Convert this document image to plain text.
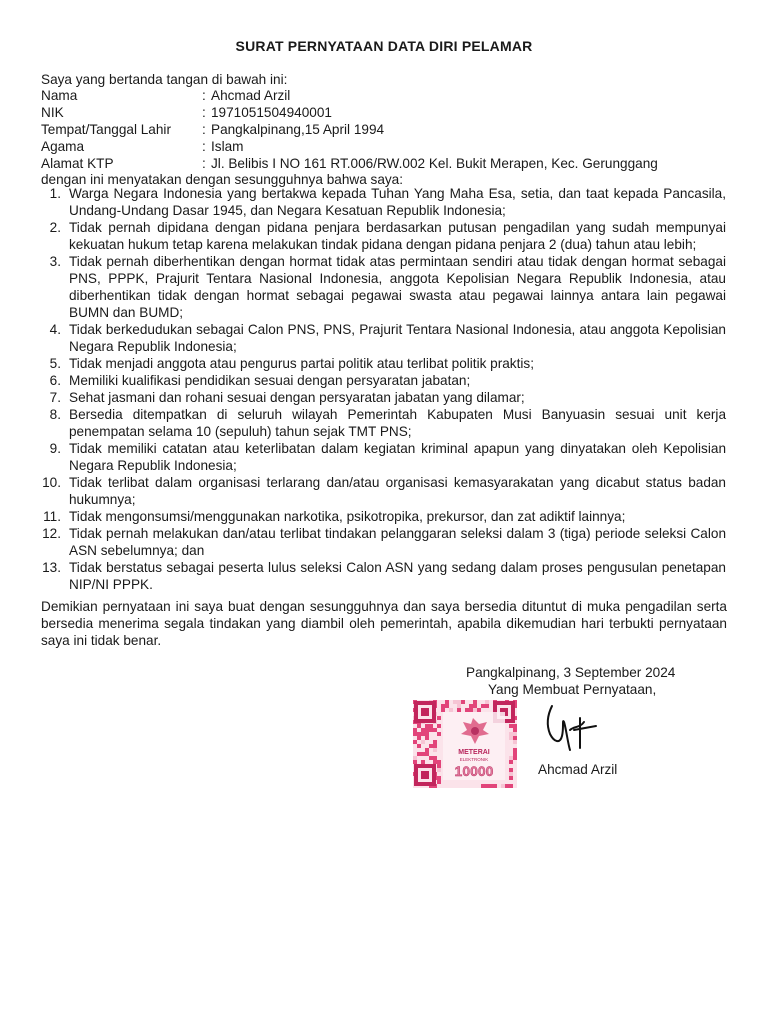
SURAT PERNYATAAN DATA DIRI PELAMAR
Saya yang bertanda tangan di bawah ini:
Nama	: Ahcmad Arzil
NIK	: 1971051504940001
Tempat/Tanggal Lahir	: Pangkalpinang,15 April 1994
Agama	: Islam
Alamat KTP	: Jl. Belibis I NO 161 RT.006/RW.002 Kel. Bukit Merapen, Kec. Gerunggang
dengan ini menyatakan dengan sesungguhnya bahwa saya:
1. Warga Negara Indonesia yang bertakwa kepada Tuhan Yang Maha Esa, setia, dan taat kepada Pancasila, Undang-Undang Dasar 1945, dan Negara Kesatuan Republik Indonesia;
2. Tidak pernah dipidana dengan pidana penjara berdasarkan putusan pengadilan yang sudah mempunyai kekuatan hukum tetap karena melakukan tindak pidana dengan pidana penjara 2 (dua) tahun atau lebih;
3. Tidak pernah diberhentikan dengan hormat tidak atas permintaan sendiri atau tidak dengan hormat sebagai PNS, PPPK, Prajurit Tentara Nasional Indonesia, anggota Kepolisian Negara Republik Indonesia, atau diberhentikan tidak dengan hormat sebagai pegawai swasta atau pegawai lainnya antara lain pegawai BUMN dan BUMD;
4. Tidak berkedudukan sebagai Calon PNS, PNS, Prajurit Tentara Nasional Indonesia, atau anggota Kepolisian Negara Republik Indonesia;
5. Tidak menjadi anggota atau pengurus partai politik atau terlibat politik praktis;
6. Memiliki kualifikasi pendidikan sesuai dengan persyaratan jabatan;
7. Sehat jasmani dan rohani sesuai dengan persyaratan jabatan yang dilamar;
8. Bersedia ditempatkan di seluruh wilayah Pemerintah Kabupaten Musi Banyuasin sesuai unit kerja penempatan selama 10 (sepuluh) tahun sejak TMT PNS;
9. Tidak memiliki catatan atau keterlibatan dalam kegiatan kriminal apapun yang dinyatakan oleh Kepolisian Negara Republik Indonesia;
10. Tidak terlibat dalam organisasi terlarang dan/atau organisasi kemasyarakatan yang dicabut status badan hukumnya;
11. Tidak mengonsumsi/menggunakan narkotika, psikotropika, prekursor, dan zat adiktif lainnya;
12. Tidak pernah melakukan dan/atau terlibat tindakan pelanggaran seleksi dalam 3 (tiga) periode seleksi Calon ASN sebelumnya; dan
13. Tidak berstatus sebagai peserta lulus seleksi Calon ASN yang sedang dalam proses pengusulan penetapan NIP/NI PPPK.
Demikian pernyataan ini saya buat dengan sesungguhnya dan saya bersedia dituntut di muka pengadilan serta bersedia menerima segala tindakan yang diambil oleh pemerintah, apabila dikemudian hari terbukti pernyataan saya ini tidak benar.
Pangkalpinang, 3 September 2024
Yang Membuat Pernyataan,
METERAI
ELEKTRONIK
10000	Ahcmad Arzil
